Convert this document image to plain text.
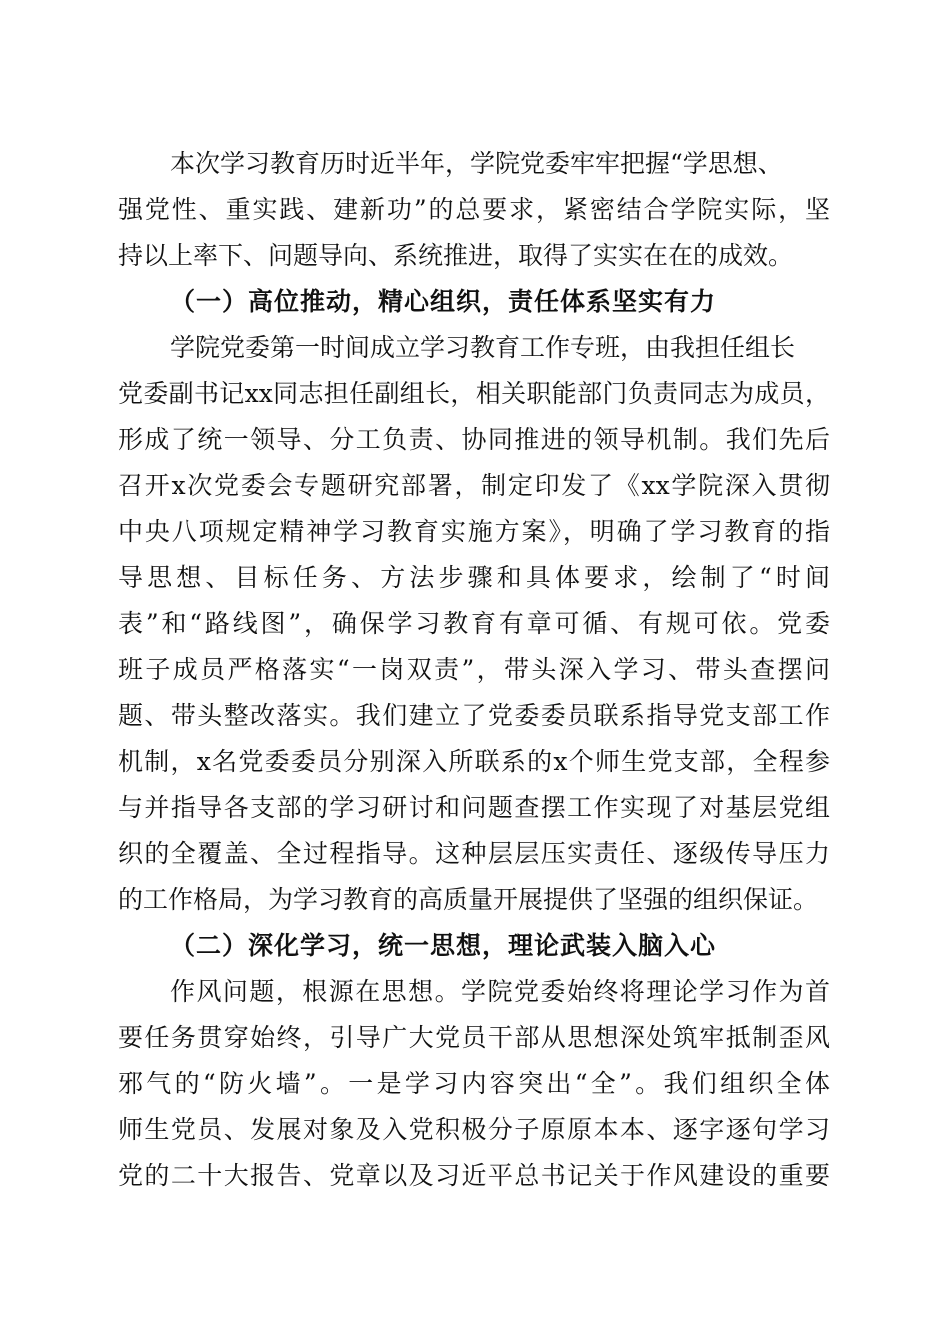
本次学习教育历时近半年，学院党委牢牢把握“学思想、
强党性、重实践、建新功”的总要求，紧密结合学院实际，坚
持以上率下、问题导向、系统推进，取得了实实在在的成效。
（一）高位推动，精心组织，责任体系坚实有力
学院党委第一时间成立学习教育工作专班，由我担任组长
党委副书记xx同志担任副组长，相关职能部门负责同志为成员，
形成了统一领导、分工负责、协同推进的领导机制。我们先后
召开x次党委会专题研究部署，制定印发了《xx学院深入贯彻
中央八项规定精神学习教育实施方案》，明确了学习教育的指
导思想、目标任务、方法步骤和具体要求，绘制了“时间
表”和“路线图”，确保学习教育有章可循、有规可依。党委
班子成员严格落实“一岗双责”，带头深入学习、带头查摆问
题、带头整改落实。我们建立了党委委员联系指导党支部工作
机制，x名党委委员分别深入所联系的x个师生党支部，全程参
与并指导各支部的学习研讨和问题查摆工作实现了对基层党组
织的全覆盖、全过程指导。这种层层压实责任、逐级传导压力
的工作格局，为学习教育的高质量开展提供了坚强的组织保证。
（二）深化学习，统一思想，理论武装入脑入心
作风问题，根源在思想。学院党委始终将理论学习作为首
要任务贯穿始终，引导广大党员干部从思想深处筑牢抵制歪风
邪气的“防火墙”。一是学习内容突出“全”。我们组织全体
师生党员、发展对象及入党积极分子原原本本、逐字逐句学习
党的二十大报告、党章以及习近平总书记关于作风建设的重要
